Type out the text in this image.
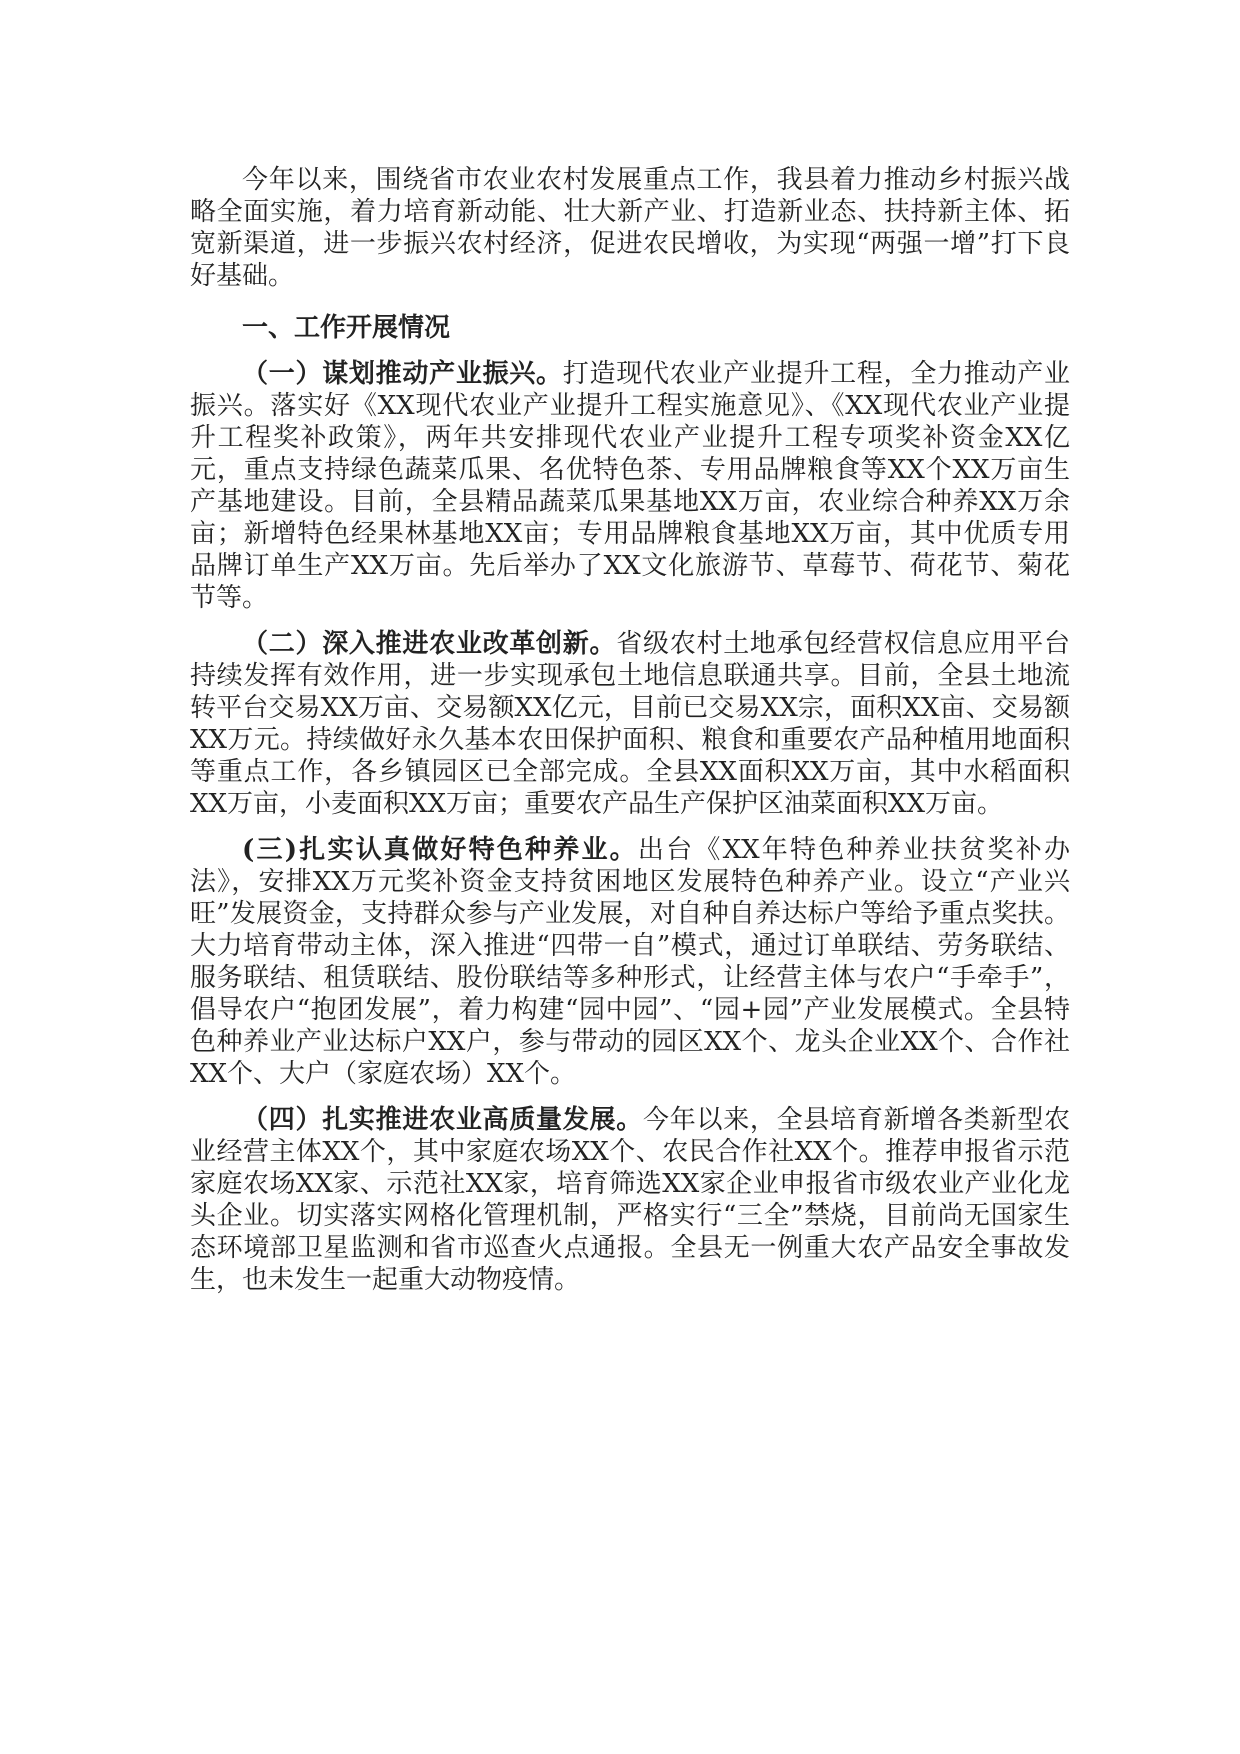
今年以来，围绕省市农业农村发展重点工作，我县着力推动乡村振兴战略全面实施，着力培育新动能、壮大新产业、打造新业态、扶持新主体、拓宽新渠道，进一步振兴农村经济，促进农民增收，为实现“两强一增”打下良好基础。

一、工作开展情况

（一）谋划推动产业振兴。打造现代农业产业提升工程，全力推动产业振兴。落实好《XX现代农业产业提升工程实施意见》、《XX现代农业产业提升工程奖补政策》，两年共安排现代农业产业提升工程专项奖补资金XX亿元，重点支持绿色蔬菜瓜果、名优特色茶、专用品牌粮食等XX个XX万亩生产基地建设。目前，全县精品蔬菜瓜果基地XX万亩，农业综合种养XX万余亩；新增特色经果林基地XX亩；专用品牌粮食基地XX万亩，其中优质专用品牌订单生产XX万亩。先后举办了XX文化旅游节、草莓节、荷花节、菊花节等。

（二）深入推进农业改革创新。省级农村土地承包经营权信息应用平台持续发挥有效作用，进一步实现承包土地信息联通共享。目前，全县土地流转平台交易XX万亩、交易额XX亿元，目前已交易XX宗，面积XX亩、交易额XX万元。持续做好永久基本农田保护面积、粮食和重要农产品种植用地面积等重点工作，各乡镇园区已全部完成。全县XX面积XX万亩，其中水稻面积XX万亩，小麦面积XX万亩；重要农产品生产保护区油菜面积XX万亩。

(三)扎实认真做好特色种养业。出台《XX年特色种养业扶贫奖补办法》，安排XX万元奖补资金支持贫困地区发展特色种养产业。设立“产业兴旺”发展资金，支持群众参与产业发展，对自种自养达标户等给予重点奖扶。大力培育带动主体，深入推进“四带一自”模式，通过订单联结、劳务联结、服务联结、租赁联结、股份联结等多种形式，让经营主体与农户“手牵手”，倡导农户“抱团发展”，着力构建“园中园”、“园+园”产业发展模式。全县特色种养业产业达标户XX户，参与带动的园区XX个、龙头企业XX个、合作社XX个、大户（家庭农场）XX个。

（四）扎实推进农业高质量发展。今年以来，全县培育新增各类新型农业经营主体XX个，其中家庭农场XX个、农民合作社XX个。推荐申报省示范家庭农场XX家、示范社XX家，培育筛选XX家企业申报省市级农业产业化龙头企业。切实落实网格化管理机制，严格实行“三全”禁烧，目前尚无国家生态环境部卫星监测和省市巡查火点通报。全县无一例重大农产品安全事故发生，也未发生一起重大动物疫情。
